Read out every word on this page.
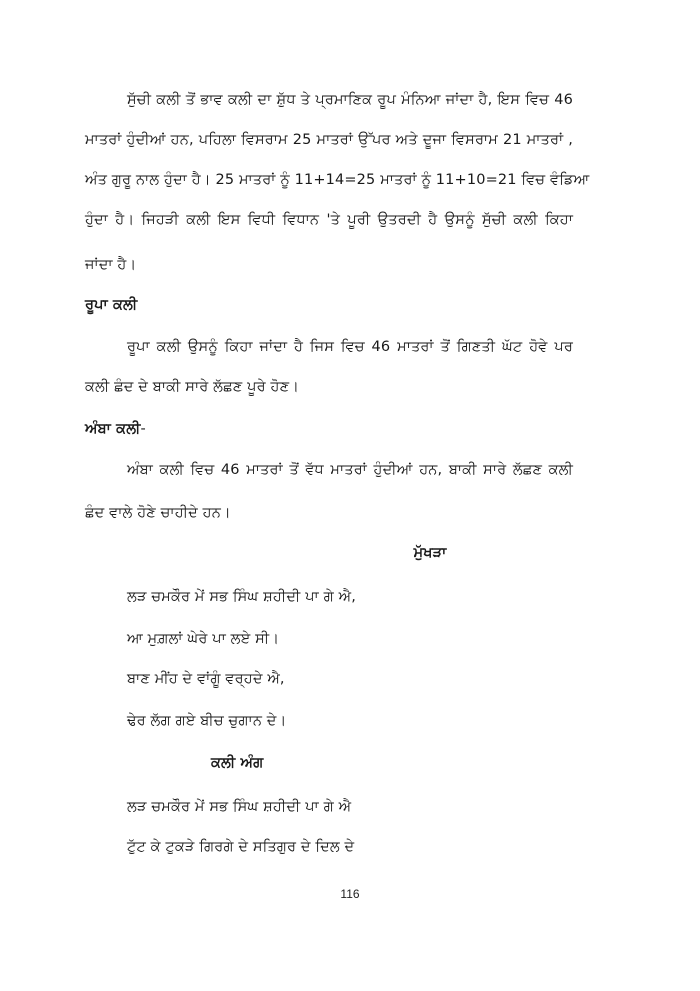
ਸੁੱਚੀ ਕਲੀ ਤੋਂ ਭਾਵ ਕਲੀ ਦਾ ਸ਼ੁੱਧ ਤੇ ਪ੍ਰਮਾਣਿਕ ਰੂਪ ਮੰਨਿਆ ਜਾਂਦਾ ਹੈ, ਇਸ ਵਿਚ 46
ਮਾਤਰਾਂ ਹੁੰਦੀਆਂ ਹਨ, ਪਹਿਲਾ ਵਿਸਰਾਮ 25 ਮਾਤਰਾਂ ਉੱਪਰ ਅਤੇ ਦੂਜਾ ਵਿਸਰਾਮ 21 ਮਾਤਰਾਂ ,
ਅੰਤ ਗੁਰੂ ਨਾਲ ਹੁੰਦਾ ਹੈ। 25 ਮਾਤਰਾਂ ਨੂੰ 11+14=25 ਮਾਤਰਾਂ ਨੂੰ 11+10=21 ਵਿਚ ਵੰਡਿਆ
ਹੁੰਦਾ ਹੈ। ਜਿਹੜੀ ਕਲੀ ਇਸ ਵਿਧੀ ਵਿਧਾਨ 'ਤੇ ਪੂਰੀ ਉਤਰਦੀ ਹੈ ਉਸਨੂੰ ਸੁੱਚੀ ਕਲੀ ਕਿਹਾ
ਜਾਂਦਾ ਹੈ।
ਰੂਪਾ ਕਲੀ
ਰੂਪਾ ਕਲੀ ਉਸਨੂੰ ਕਿਹਾ ਜਾਂਦਾ ਹੈ ਜਿਸ ਵਿਚ 46 ਮਾਤਰਾਂ ਤੋਂ ਗਿਣਤੀ ਘੱਟ ਹੋਵੇ ਪਰ
ਕਲੀ ਛੰਦ ਦੇ ਬਾਕੀ ਸਾਰੇ ਲੱਛਣ ਪੂਰੇ ਹੋਣ।
ਅੰਬਾ ਕਲੀ-
ਅੰਬਾ ਕਲੀ ਵਿਚ 46 ਮਾਤਰਾਂ ਤੋਂ ਵੱਧ ਮਾਤਰਾਂ ਹੁੰਦੀਆਂ ਹਨ, ਬਾਕੀ ਸਾਰੇ ਲੱਛਣ ਕਲੀ
ਛੰਦ ਵਾਲੇ ਹੋਣੇ ਚਾਹੀਦੇ ਹਨ।
ਮੁੱਖੜਾ
ਲੜ ਚਮਕੌਰ ਮੇਂ ਸਭ ਸਿੰਘ ਸ਼ਹੀਦੀ ਪਾ ਗੇ ਐ,
ਆ ਮੁਗ਼ਲਾਂ ਘੇਰੇ ਪਾ ਲਏ ਸੀ।
ਬਾਣ ਮੀਂਹ ਦੇ ਵਾਂਗੂੰ ਵਰ੍ਹਦੇ ਐ,
ਢੇਰ ਲੱਗ ਗਏ ਬੀਚ ਚੁਗਾਨ ਦੇ।
ਕਲੀ ਅੰਗ
ਲੜ ਚਮਕੌਰ ਮੇਂ ਸਭ ਸਿੰਘ ਸ਼ਹੀਦੀ ਪਾ ਗੇ ਐ
ਟੁੱਟ ਕੇ ਟੁਕੜੇ ਗਿਰਗੇ ਦੇ ਸਤਿਗੁਰ ਦੇ ਦਿਲ ਦੇ
116
